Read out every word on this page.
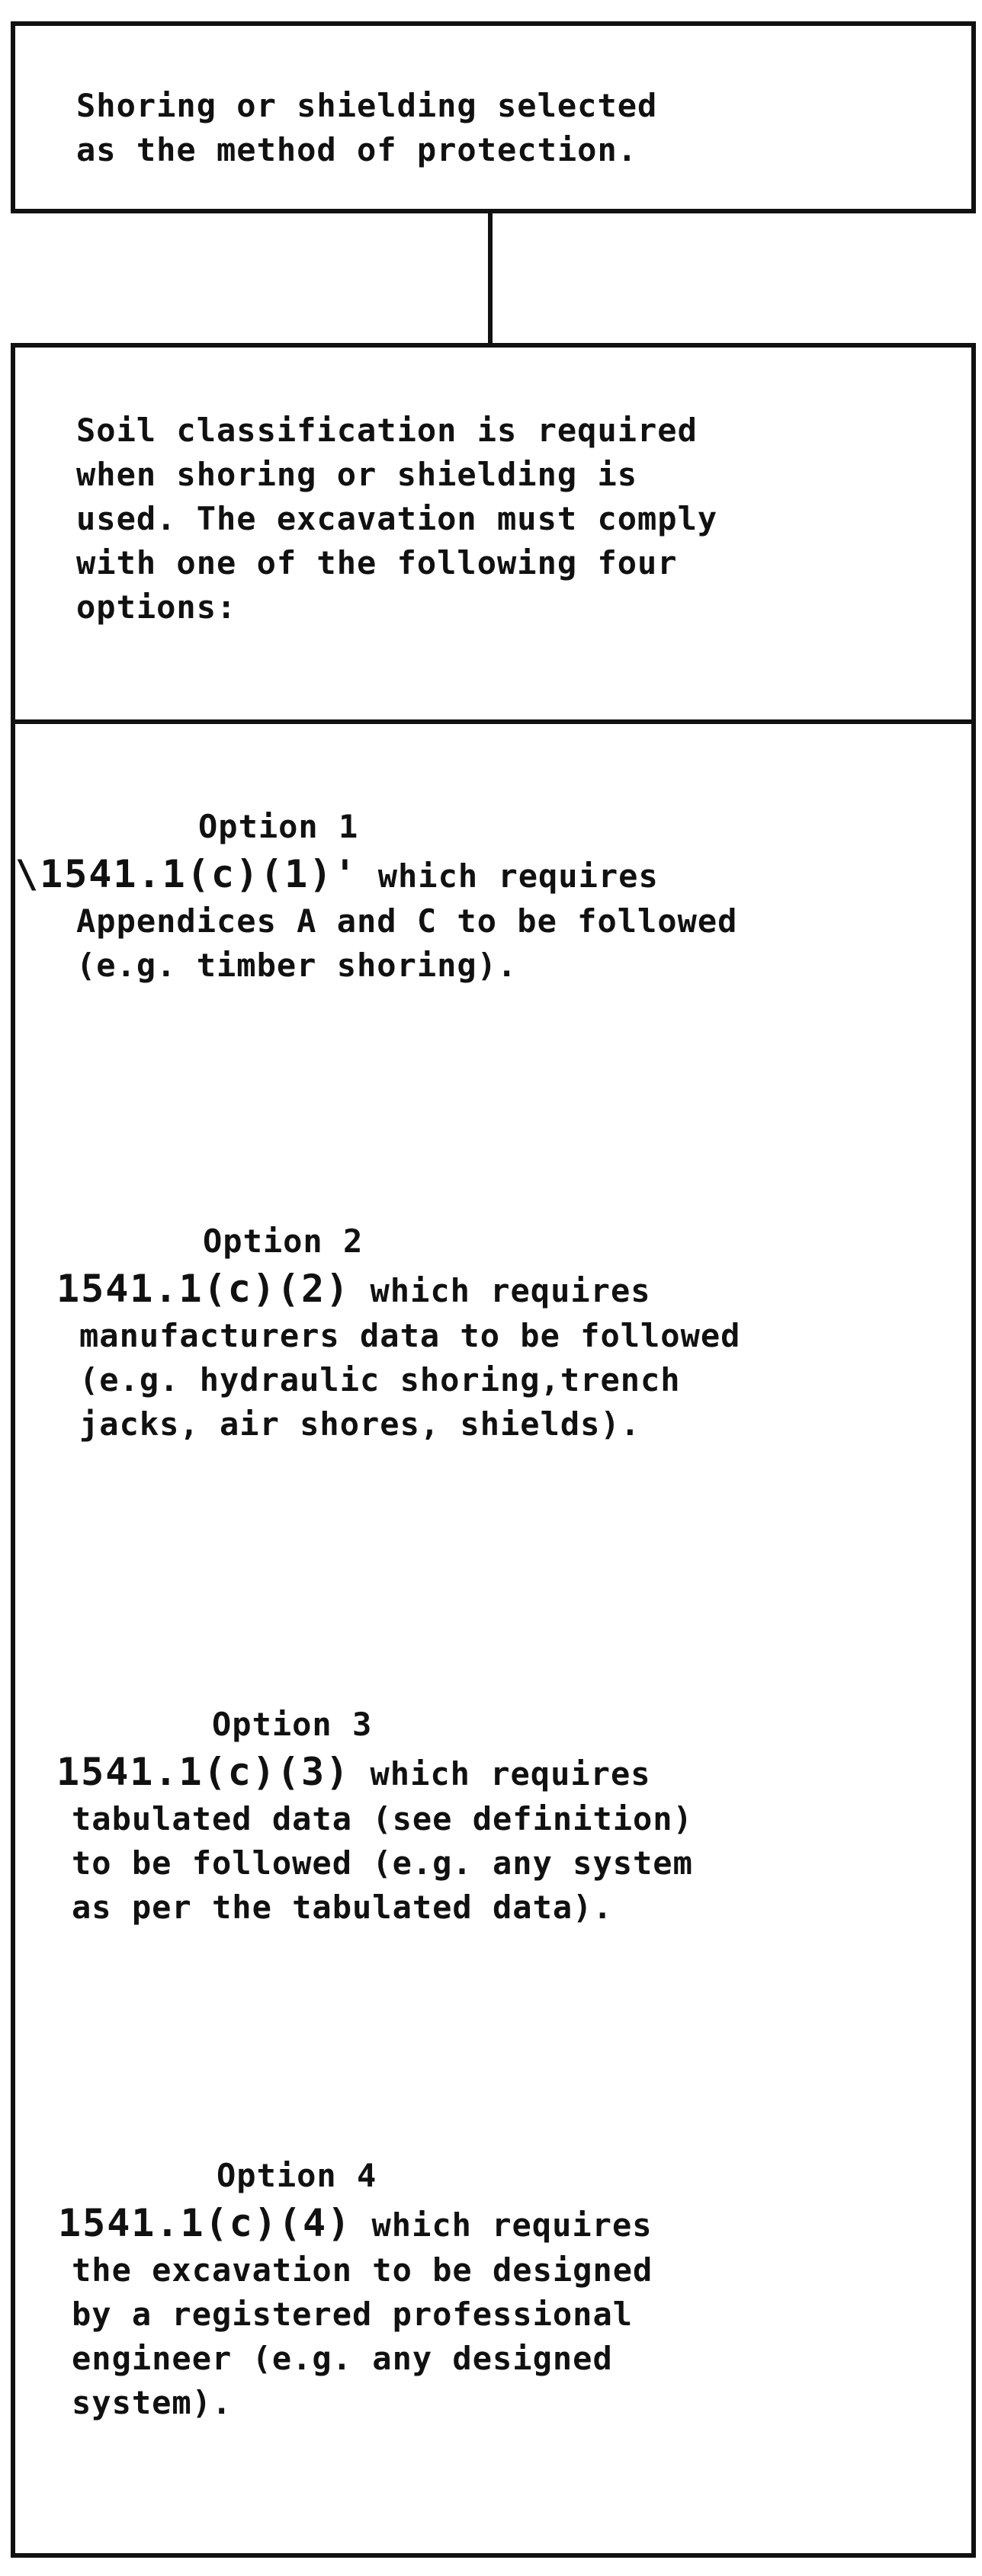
Shoring or shielding selected
as the method of protection.
Soil classification is required
when shoring or shielding is
used. The excavation must comply
with one of the following four
options:
Option 1
\1541.1(c)(1)' which requires
Appendices A and C to be followed
(e.g. timber shoring).
Option 2
1541.1(c)(2) which requires
manufacturers data to be followed
(e.g. hydraulic shoring,trench
jacks, air shores, shields).
Option 3
1541.1(c)(3) which requires
tabulated data (see definition)
to be followed (e.g. any system
as per the tabulated data).
Option 4
1541.1(c)(4) which requires
the excavation to be designed
by a registered professional
engineer (e.g. any designed
system).
